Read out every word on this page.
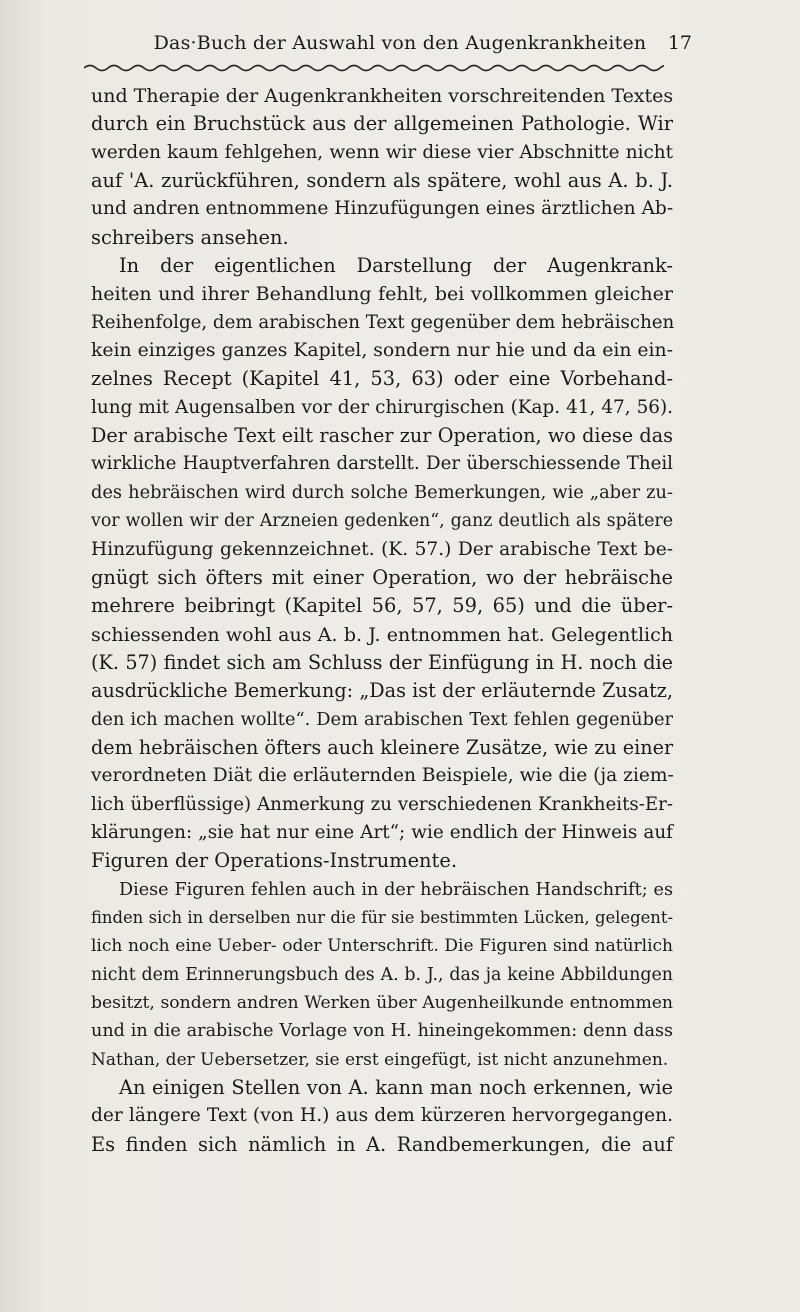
Das·Buch der Auswahl von den Augenkrankheiten	17
und Therapie der Augenkrankheiten vorschreitenden Textes
durch ein Bruchstück aus der allgemeinen Pathologie. Wir
werden kaum fehlgehen, wenn wir diese vier Abschnitte nicht
auf 'A. zurückführen, sondern als spätere, wohl aus A. b. J.
und andren entnommene Hinzufügungen eines ärztlichen Ab-
schreibers ansehen.
In der eigentlichen Darstellung der Augenkrank-
heiten und ihrer Behandlung fehlt, bei vollkommen gleicher
Reihenfolge, dem arabischen Text gegenüber dem hebräischen
kein einziges ganzes Kapitel, sondern nur hie und da ein ein-
zelnes Recept (Kapitel 41, 53, 63) oder eine Vorbehand-
lung mit Augensalben vor der chirurgischen (Kap. 41, 47, 56).
Der arabische Text eilt rascher zur Operation, wo diese das
wirkliche Hauptverfahren darstellt. Der überschiessende Theil
des hebräischen wird durch solche Bemerkungen, wie „aber zu-
vor wollen wir der Arzneien gedenken“, ganz deutlich als spätere
Hinzufügung gekennzeichnet. (K. 57.) Der arabische Text be-
gnügt sich öfters mit einer Operation, wo der hebräische
mehrere beibringt (Kapitel 56, 57, 59, 65) und die über-
schiessenden wohl aus A. b. J. entnommen hat. Gelegentlich
(K. 57) findet sich am Schluss der Einfügung in H. noch die
ausdrückliche Bemerkung: „Das ist der erläuternde Zusatz,
den ich machen wollte“. Dem arabischen Text fehlen gegenüber
dem hebräischen öfters auch kleinere Zusätze, wie zu einer
verordneten Diät die erläuternden Beispiele, wie die (ja ziem-
lich überflüssige) Anmerkung zu verschiedenen Krankheits-Er-
klärungen: „sie hat nur eine Art“; wie endlich der Hinweis auf
Figuren der Operations-Instrumente.
Diese Figuren fehlen auch in der hebräischen Handschrift; es
finden sich in derselben nur die für sie bestimmten Lücken, gelegent-
lich noch eine Ueber- oder Unterschrift. Die Figuren sind natürlich
nicht dem Erinnerungsbuch des A. b. J., das ja keine Abbildungen
besitzt, sondern andren Werken über Augenheilkunde entnommen
und in die arabische Vorlage von H. hineingekommen: denn dass
Nathan, der Uebersetzer, sie erst eingefügt, ist nicht anzunehmen.
An einigen Stellen von A. kann man noch erkennen, wie
der längere Text (von H.) aus dem kürzeren hervorgegangen.
Es finden sich nämlich in A. Randbemerkungen, die auf
